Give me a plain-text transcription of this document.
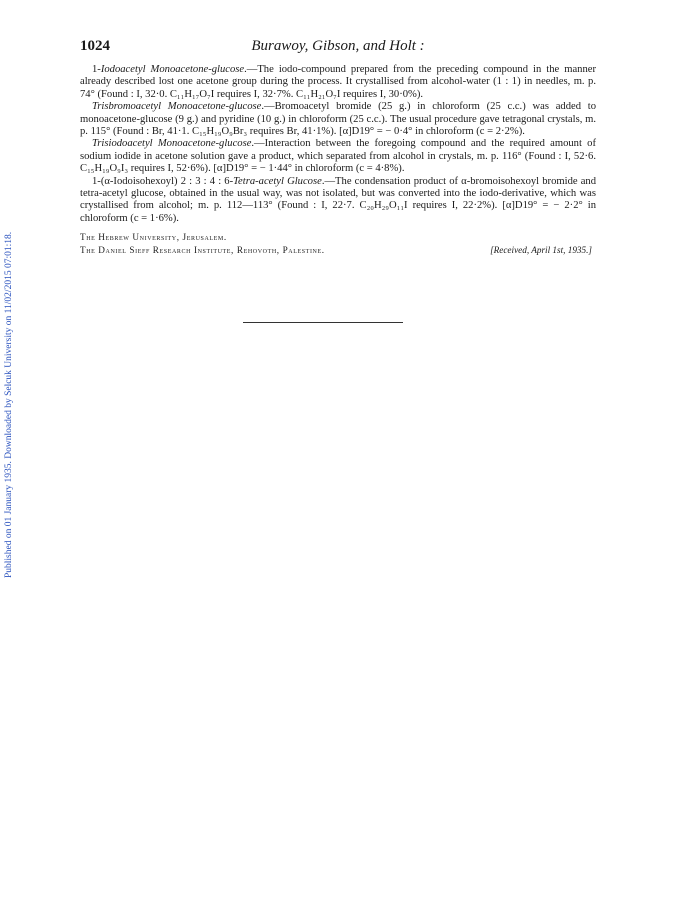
Published on 01 January 1935. Downloaded by Selcuk University on 11/02/2015 07:01:18.
1024	Burawoy, Gibson, and Holt :

1-Iodoacetyl Monoacetone-glucose.—The iodo-compound prepared from the preceding compound in the manner already described lost one acetone group during the process. It crystallised from alcohol-water (1 : 1) in needles, m. p. 74° (Found : I, 32·0. C₁₁H₁₇O₇I requires I, 32·7%. C₁₁H₂₁O₇I requires I, 30·0%).

Trisbromoacetyl Monoacetone-glucose.—Bromoacetyl bromide (25 g.) in chloroform (25 c.c.) was added to monoacetone-glucose (9 g.) and pyridine (10 g.) in chloroform (25 c.c.). The usual procedure gave tetragonal crystals, m. p. 115° (Found : Br, 41·1. C₁₅H₁₉O₉Br₃ requires Br, 41·1%). [α]D19° = − 0·4° in chloroform (c = 2·2%).

Trisiodoacetyl Monoacetone-glucose.—Interaction between the foregoing compound and the required amount of sodium iodide in acetone solution gave a product, which separated from alcohol in crystals, m. p. 116° (Found : I, 52·6. C₁₅H₁₉O₉I₃ requires I, 52·6%). [α]D19° = − 1·44° in chloroform (c = 4·8%).

1-(α-Iodoisohexoyl) 2 : 3 : 4 : 6-Tetra-acetyl Glucose.—The condensation product of α-bromoisohexoyl bromide and tetra-acetyl glucose, obtained in the usual way, was not isolated, but was converted into the iodo-derivative, which was crystallised from alcohol; m. p. 112—113° (Found : I, 22·7. C₂₀H₂₉O₁₁I requires I, 22·2%). [α]D19° = − 2·2° in chloroform (c = 1·6%).

The Hebrew University, Jerusalem.
The Daniel Sieff Research Institute, Rehovoth, Palestine.	[Received, April 1st, 1935.]
